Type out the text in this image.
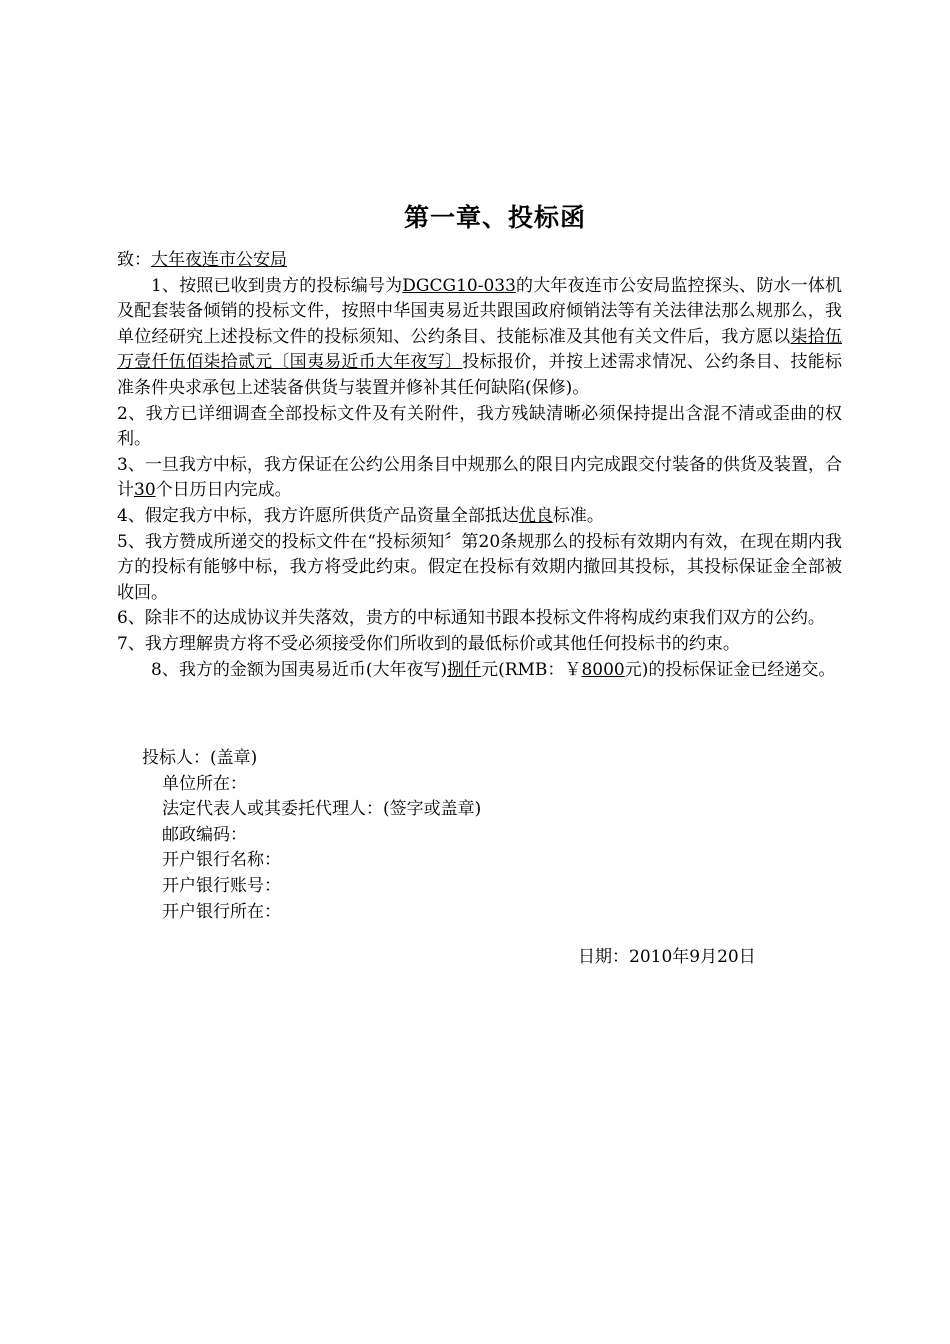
第一章、投标函

致：大年夜连市公安局

1、按照已收到贵方的投标编号为DGCG10-033的大年夜连市公安局监控探头、防水一体机及配套装备倾销的投标文件，按照中华国夷易近共跟国政府倾销法等有关法律法那么规那么，我单位经研究上述投标文件的投标须知、公约条目、技能标准及其他有关文件后，我方愿以柒拾伍万壹仟伍佰柒拾贰元〔国夷易近币大年夜写〕投标报价，并按上述需求情况、公约条目、技能标准条件央求承包上述装备供货与装置并修补其任何缺陷(保修)。

2、我方已详细调查全部投标文件及有关附件，我方残缺清晰必须保持提出含混不清或歪曲的权利。

3、一旦我方中标，我方保证在公约公用条目中规那么的限日内完成跟交付装备的供货及装置，合计30个日历日内完成。

4、假定我方中标，我方许愿所供货产品资量全部抵达优良标准。

5、我方赞成所递交的投标文件在“投标须知〞第20条规那么的投标有效期内有效，在现在期内我方的投标有能够中标，我方将受此约束。假定在投标有效期内撤回其投标，其投标保证金全部被收回。

6、除非不的达成协议并失落效，贵方的中标通知书跟本投标文件将构成约束我们双方的公约。

7、我方理解贵方将不受必须接受你们所收到的最低标价或其他任何投标书的约束。

8、我方的金额为国夷易近币(大年夜写)捌仟元(RMB：￥8000元)的投标保证金已经递交。

投标人：(盖章)
单位所在：
法定代表人或其委托代理人：(签字或盖章)
邮政编码：
开户银行名称：
开户银行账号：
开户银行所在：
日期：2010年9月20日
